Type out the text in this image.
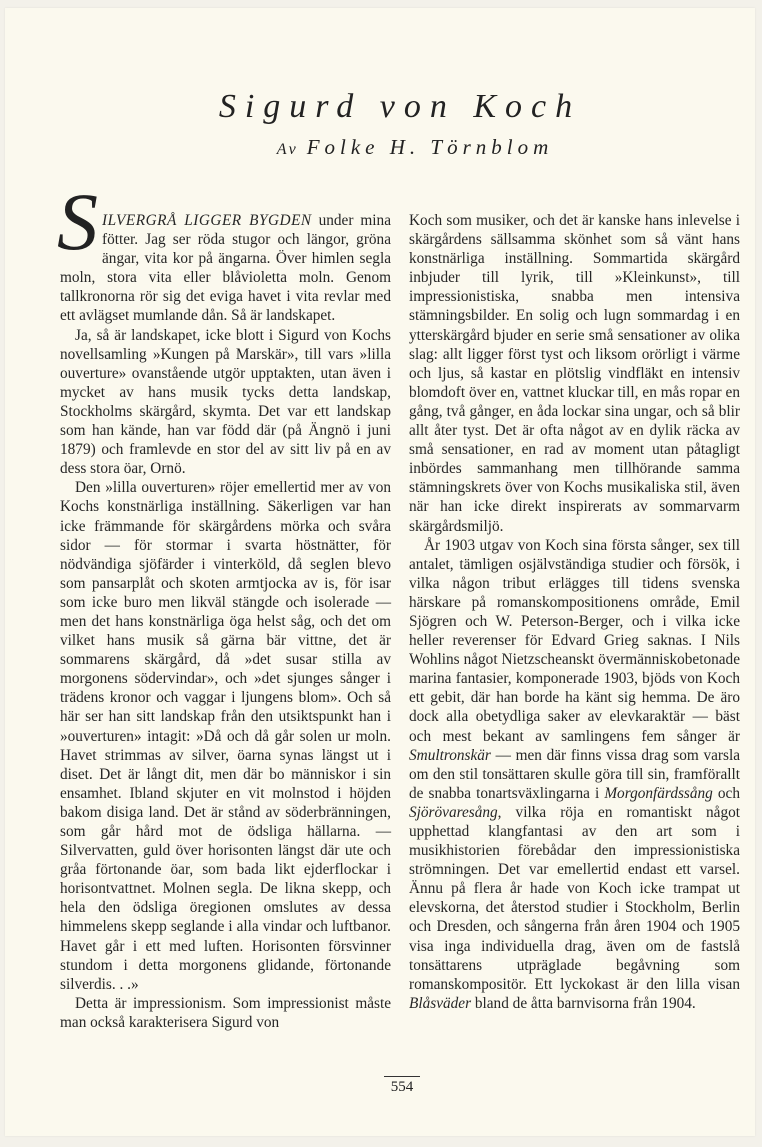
Sigurd von Koch
Av Folke H. Törnblom

SILVERGRÅ LIGGER BYGDEN under mina fötter. Jag ser röda stugor och längor, gröna ängar, vita kor på ängarna. Över himlen segla moln, stora vita eller blåvioletta moln. Genom tallkronorna rör sig det eviga havet i vita revlar med ett avlägset mumlande dån. Så är landskapet.

Ja, så är landskapet, icke blott i Sigurd von Kochs novellsamling »Kungen på Marskär», till vars »lilla ouverture» ovanstående utgör upptakten, utan även i mycket av hans musik tycks detta landskap, Stockholms skärgård, skymta. Det var ett landskap som han kände, han var född där (på Ängnö i juni 1879) och framlevde en stor del av sitt liv på en av dess stora öar, Ornö.

Den »lilla ouverturen» röjer emellertid mer av von Kochs konstnärliga inställning. Säkerligen var han icke främmande för skärgårdens mörka och svåra sidor — för stormar i svarta höstnätter, för nödvändiga sjöfärder i vinterköld, då seglen blevo som pansarplåt och skoten armtjocka av is, för isar som icke buro men likväl stängde och isolerade — men det hans konstnärliga öga helst såg, och det om vilket hans musik så gärna bär vittne, det är sommarens skärgård, då »det susar stilla av morgonens södervindar», och »det sjunges sånger i trädens kronor och vaggar i ljungens blom». Och så här ser han sitt landskap från den utsiktspunkt han i »ouverturen» intagit: »Då och då går solen ur moln. Havet strimmas av silver, öarna synas längst ut i diset. Det är långt dit, men där bo människor i sin ensamhet. Ibland skjuter en vit molnstod i höjden bakom disiga land. Det är stånd av söderbränningen, som går hård mot de ödsliga hällarna. — Silvervatten, guld över horisonten längst där ute och gråa förtonande öar, som bada likt ejderflockar i horisontvattnet. Molnen segla. De likna skepp, och hela den ödsliga öregionen omslutes av dessa himmelens skepp seglande i alla vindar och luftbanor. Havet går i ett med luften. Horisonten försvinner stundom i detta morgonens glidande, förtonande silverdis. . .»

Detta är impressionism. Som impressionist måste man också karakterisera Sigurd von

Koch som musiker, och det är kanske hans inlevelse i skärgårdens sällsamma skönhet som så vänt hans konstnärliga inställning. Sommartida skärgård inbjuder till lyrik, till »Kleinkunst», till impressionistiska, snabba men intensiva stämningsbilder. En solig och lugn sommardag i en ytterskärgård bjuder en serie små sensationer av olika slag: allt ligger först tyst och liksom orörligt i värme och ljus, så kastar en plötslig vindfläkt en intensiv blomdoft över en, vattnet kluckar till, en mås ropar en gång, två gånger, en åda lockar sina ungar, och så blir allt åter tyst. Det är ofta något av en dylik räcka av små sensationer, en rad av moment utan påtagligt inbördes sammanhang men tillhörande samma stämningskrets över von Kochs musikaliska stil, även när han icke direkt inspirerats av sommarvarm skärgårdsmiljö.

År 1903 utgav von Koch sina första sånger, sex till antalet, tämligen osjälvständiga studier och försök, i vilka någon tribut erlägges till tidens svenska härskare på romanskompositionens område, Emil Sjögren och W. Peterson-Berger, och i vilka icke heller reverenser för Edvard Grieg saknas. I Nils Wohlins något Nietzscheanskt övermänniskobetonade marina fantasier, komponerade 1903, bjöds von Koch ett gebit, där han borde ha känt sig hemma. De äro dock alla obetydliga saker av elevkaraktär — bäst och mest bekant av samlingens fem sånger är Smultronskär — men där finns vissa drag som varsla om den stil tonsättaren skulle göra till sin, framförallt de snabba tonartsväxlingarna i Morgonfärdssång och Sjörövaresång, vilka röja en romantiskt något upphettad klangfantasi av den art som i musikhistorien förebådar den impressionistiska strömningen. Det var emellertid endast ett varsel. Ännu på flera år hade von Koch icke trampat ut elevskorna, det återstod studier i Stockholm, Berlin och Dresden, och sångerna från åren 1904 och 1905 visa inga individuella drag, även om de fastslå tonsättarens utpräglade begåvning som romanskompositör. Ett lyckokast är den lilla visan Blåsväder bland de åtta barnvisorna från 1904.

554
